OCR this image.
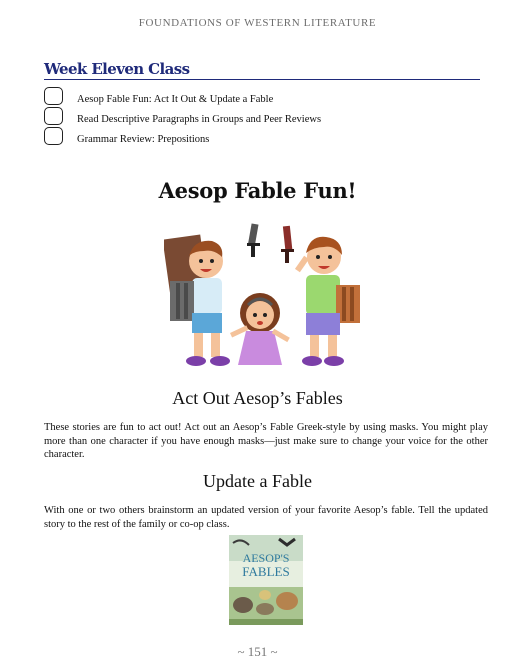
FOUNDATIONS OF WESTERN LITERATURE
Week Eleven Class
Aesop Fable Fun: Act It Out & Update a Fable
Read Descriptive Paragraphs in Groups and Peer Reviews
Grammar Review: Prepositions
Aesop Fable Fun!
Act Out Aesop’s Fables
These stories are fun to act out! Act out an Aesop’s Fable Greek-style by using masks. You might play more than one character if you have enough masks—just make sure to change your voice for the other character.
Update a Fable
With one or two others brainstorm an updated version of your favorite Aesop’s fable. Tell the updated story to the rest of the family or co-op class.
AESOP'S
FABLES
~ 151 ~
